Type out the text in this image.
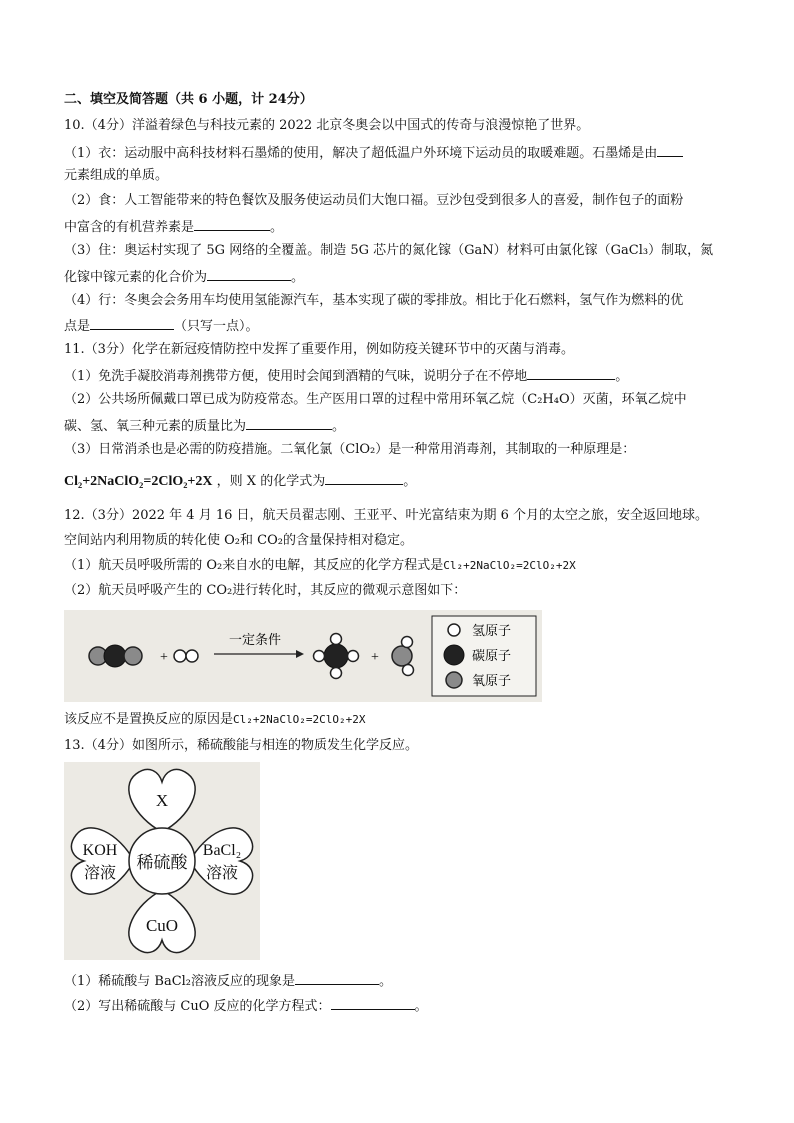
二、填空及简答题（共 6 小题，计 24分）
10.（4分）洋溢着绿色与科技元素的 2022 北京冬奥会以中国式的传奇与浪漫惊艳了世界。
（1）衣：运动服中高科技材料石墨烯的使用，解决了超低温户外环境下运动员的取暖难题。石墨烯是由
元素组成的单质。
（2）食：人工智能带来的特色餐饮及服务使运动员们大饱口福。豆沙包受到很多人的喜爱，制作包子的面粉
中富含的有机营养素是	。
（3）住：奥运村实现了 5G 网络的全覆盖。制造 5G 芯片的氮化镓（GaN）材料可由氯化镓（GaCl₃）制取，氮
化镓中镓元素的化合价为	。
（4）行：冬奥会会务用车均使用氢能源汽车，基本实现了碳的零排放。相比于化石燃料，氢气作为燃料的优
点是	（只写一点）。
11.（3分）化学在新冠疫情防控中发挥了重要作用，例如防疫关键环节中的灭菌与消毒。
（1）免洗手凝胶消毒剂携带方便，使用时会闻到酒精的气味，说明分子在不停地	。
（2）公共场所佩戴口罩已成为防疫常态。生产医用口罩的过程中常用环氧乙烷（C₂H₄O）灭菌，环氧乙烷中
碳、氢、氧三种元素的质量比为	。
（3）日常消杀也是必需的防疫措施。二氧化氯（ClO₂）是一种常用消毒剂，其制取的一种原理是：
Cl₂+2NaClO₂=2ClO₂+2X ，则 X 的化学式为	。
12.（3分）2022 年 4 月 16 日，航天员翟志刚、王亚平、叶光富结束为期 6 个月的太空之旅，安全返回地球。
空间站内利用物质的转化使 O₂和 CO₂的含量保持相对稳定。
（1）航天员呼吸所需的 O₂来自水的电解，其反应的化学方程式是Cl₂+2NaClO₂=2ClO₂+2X
（2）航天员呼吸产生的 CO₂进行转化时，其反应的微观示意图如下：
+
一定条件
+
氢原子
碳原子
氧原子
该反应不是置换反应的原因是Cl₂+2NaClO₂=2ClO₂+2X
13.（4分）如图所示，稀硫酸能与相连的物质发生化学反应。
X
稀硫酸
KOH
溶液
BaCl₂
溶液
CuO
（1）稀硫酸与 BaCl₂溶液反应的现象是	。
（2）写出稀硫酸与 CuO 反应的化学方程式：	。
